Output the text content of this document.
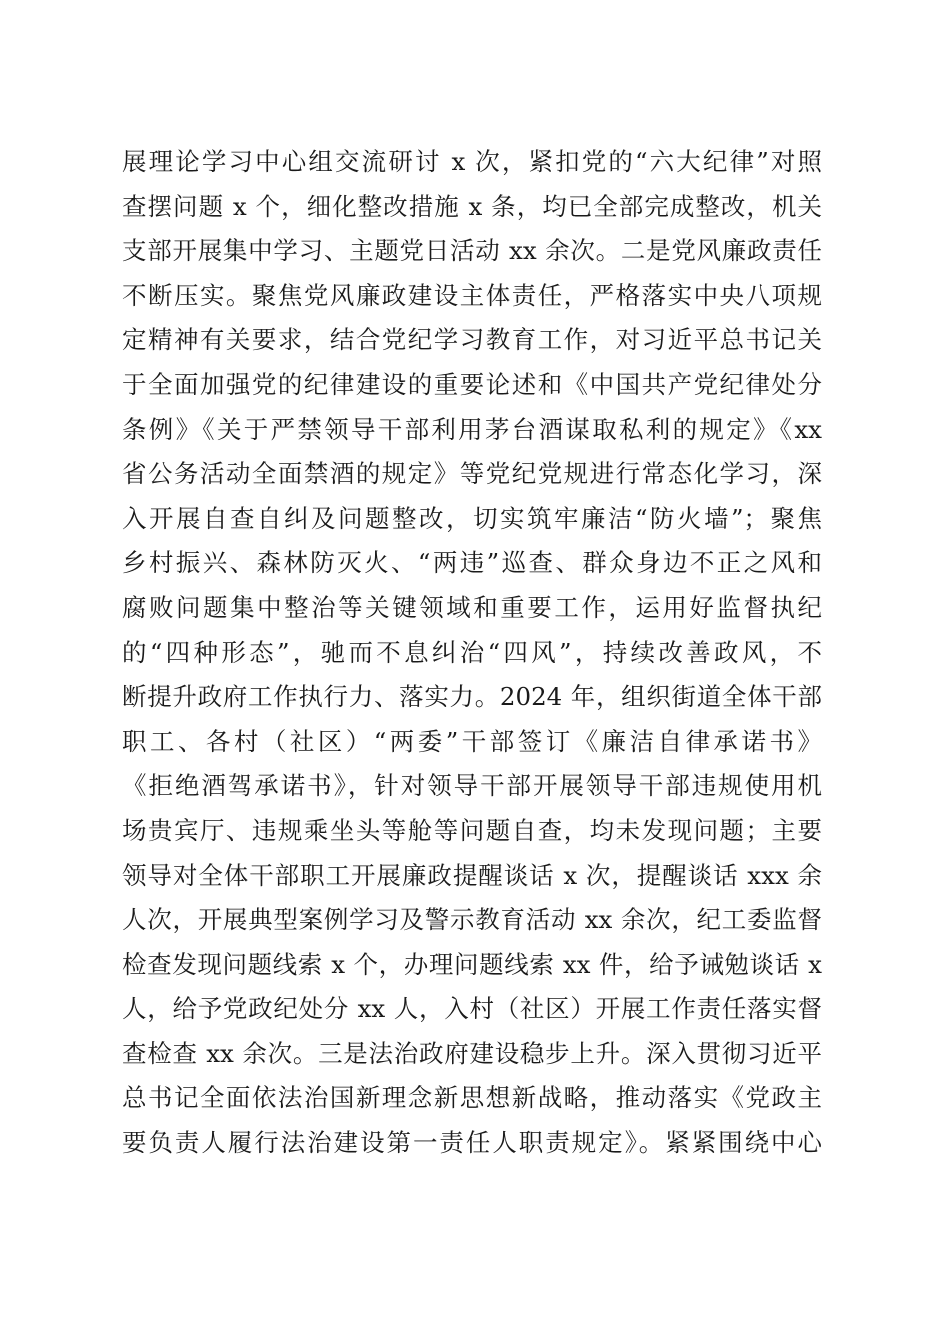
展理论学习中心组交流研讨 x 次，紧扣党的“六大纪律”对照
查摆问题 x 个，细化整改措施 x 条，均已全部完成整改，机关
支部开展集中学习、主题党日活动 xx 余次。二是党风廉政责任
不断压实。聚焦党风廉政建设主体责任，严格落实中央八项规
定精神有关要求，结合党纪学习教育工作，对习近平总书记关
于全面加强党的纪律建设的重要论述和《中国共产党纪律处分
条例》《关于严禁领导干部利用茅台酒谋取私利的规定》《xx
省公务活动全面禁酒的规定》等党纪党规进行常态化学习，深
入开展自查自纠及问题整改，切实筑牢廉洁“防火墙”；聚焦
乡村振兴、森林防灭火、“两违”巡查、群众身边不正之风和
腐败问题集中整治等关键领域和重要工作，运用好监督执纪
的“四种形态”，驰而不息纠治“四风”，持续改善政风，不
断提升政府工作执行力、落实力。2024 年，组织街道全体干部
职工、各村（社区）“两委”干部签订《廉洁自律承诺书》
《拒绝酒驾承诺书》，针对领导干部开展领导干部违规使用机
场贵宾厅、违规乘坐头等舱等问题自查，均未发现问题；主要
领导对全体干部职工开展廉政提醒谈话 x 次，提醒谈话 xxx 余
人次，开展典型案例学习及警示教育活动 xx 余次，纪工委监督
检查发现问题线索 x 个，办理问题线索 xx 件，给予诫勉谈话 x
人，给予党政纪处分 xx 人，入村（社区）开展工作责任落实督
查检查 xx 余次。三是法治政府建设稳步上升。深入贯彻习近平
总书记全面依法治国新理念新思想新战略，推动落实《党政主
要负责人履行法治建设第一责任人职责规定》。紧紧围绕中心
